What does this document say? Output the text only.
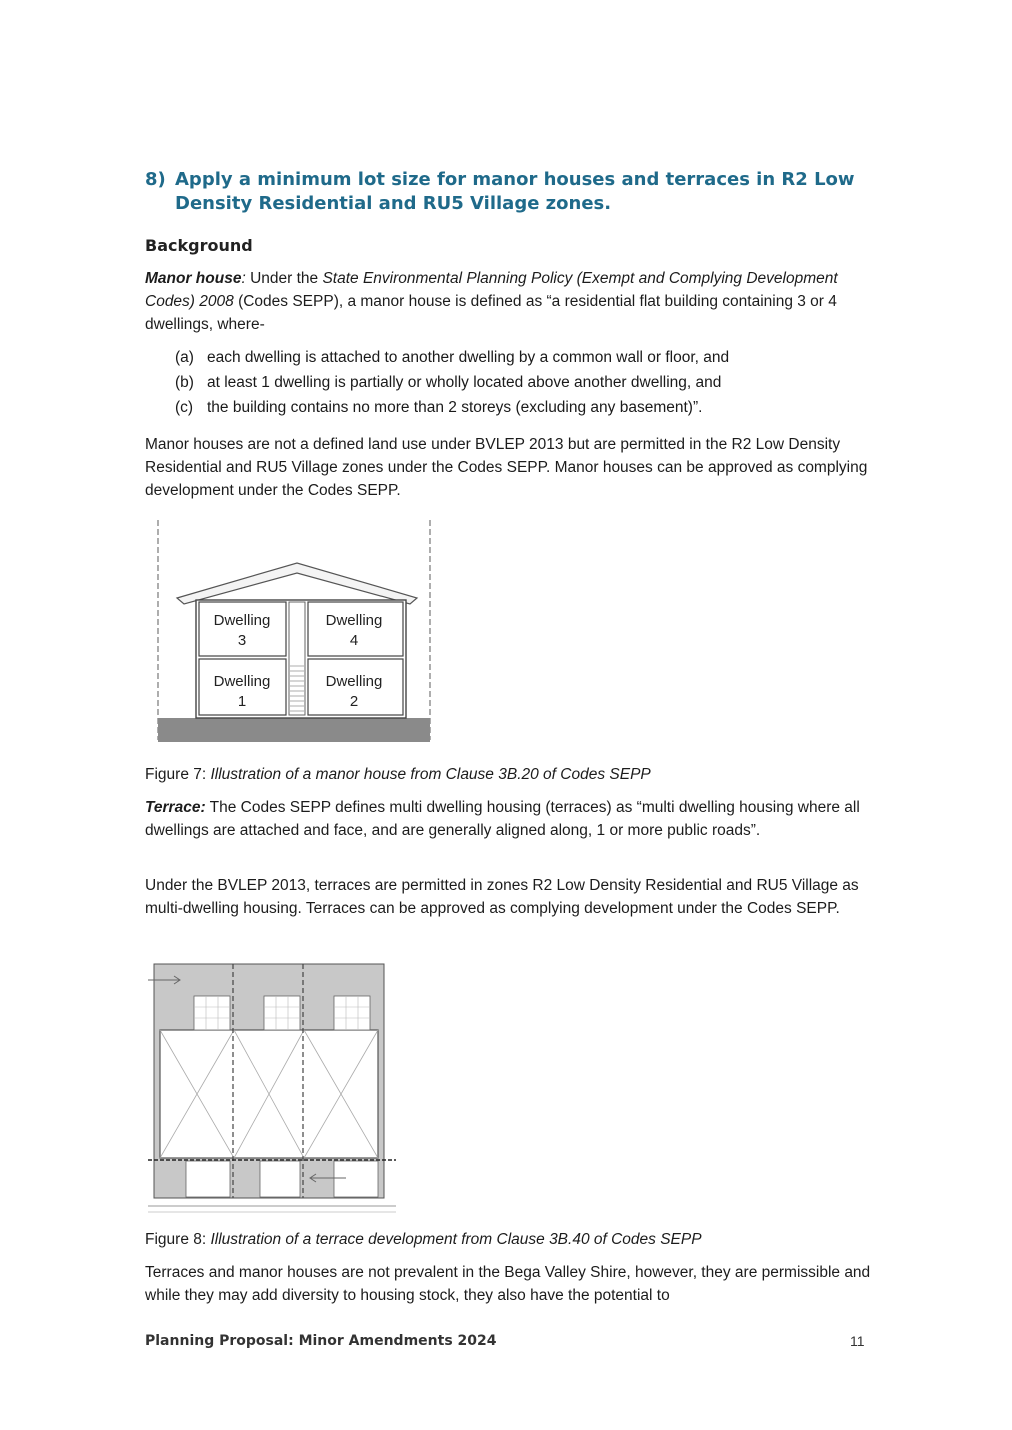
8) Apply a minimum lot size for manor houses and terraces in R2 Low Density Residential and RU5 Village zones.
Background
Manor house: Under the State Environmental Planning Policy (Exempt and Complying Development Codes) 2008 (Codes SEPP), a manor house is defined as “a residential flat building containing 3 or 4 dwellings, where-
(a) each dwelling is attached to another dwelling by a common wall or floor, and
(b) at least 1 dwelling is partially or wholly located above another dwelling, and
(c) the building contains no more than 2 storeys (excluding any basement)”.
Manor houses are not a defined land use under BVLEP 2013 but are permitted in the R2 Low Density Residential and RU5 Village zones under the Codes SEPP. Manor houses can be approved as complying development under the Codes SEPP.
Dwelling
3
Dwelling
4
Dwelling
1
Dwelling
2
Figure 7: Illustration of a manor house from Clause 3B.20 of Codes SEPP
Terrace: The Codes SEPP defines multi dwelling housing (terraces) as “multi dwelling housing where all dwellings are attached and face, and are generally aligned along, 1 or more public roads”.
Under the BVLEP 2013, terraces are permitted in zones R2 Low Density Residential and RU5 Village as multi-dwelling housing. Terraces can be approved as complying development under the Codes SEPP.
Figure 8: Illustration of a terrace development from Clause 3B.40 of Codes SEPP
Terraces and manor houses are not prevalent in the Bega Valley Shire, however, they are permissible and while they may add diversity to housing stock, they also have the potential to
Planning Proposal: Minor Amendments 2024	11
